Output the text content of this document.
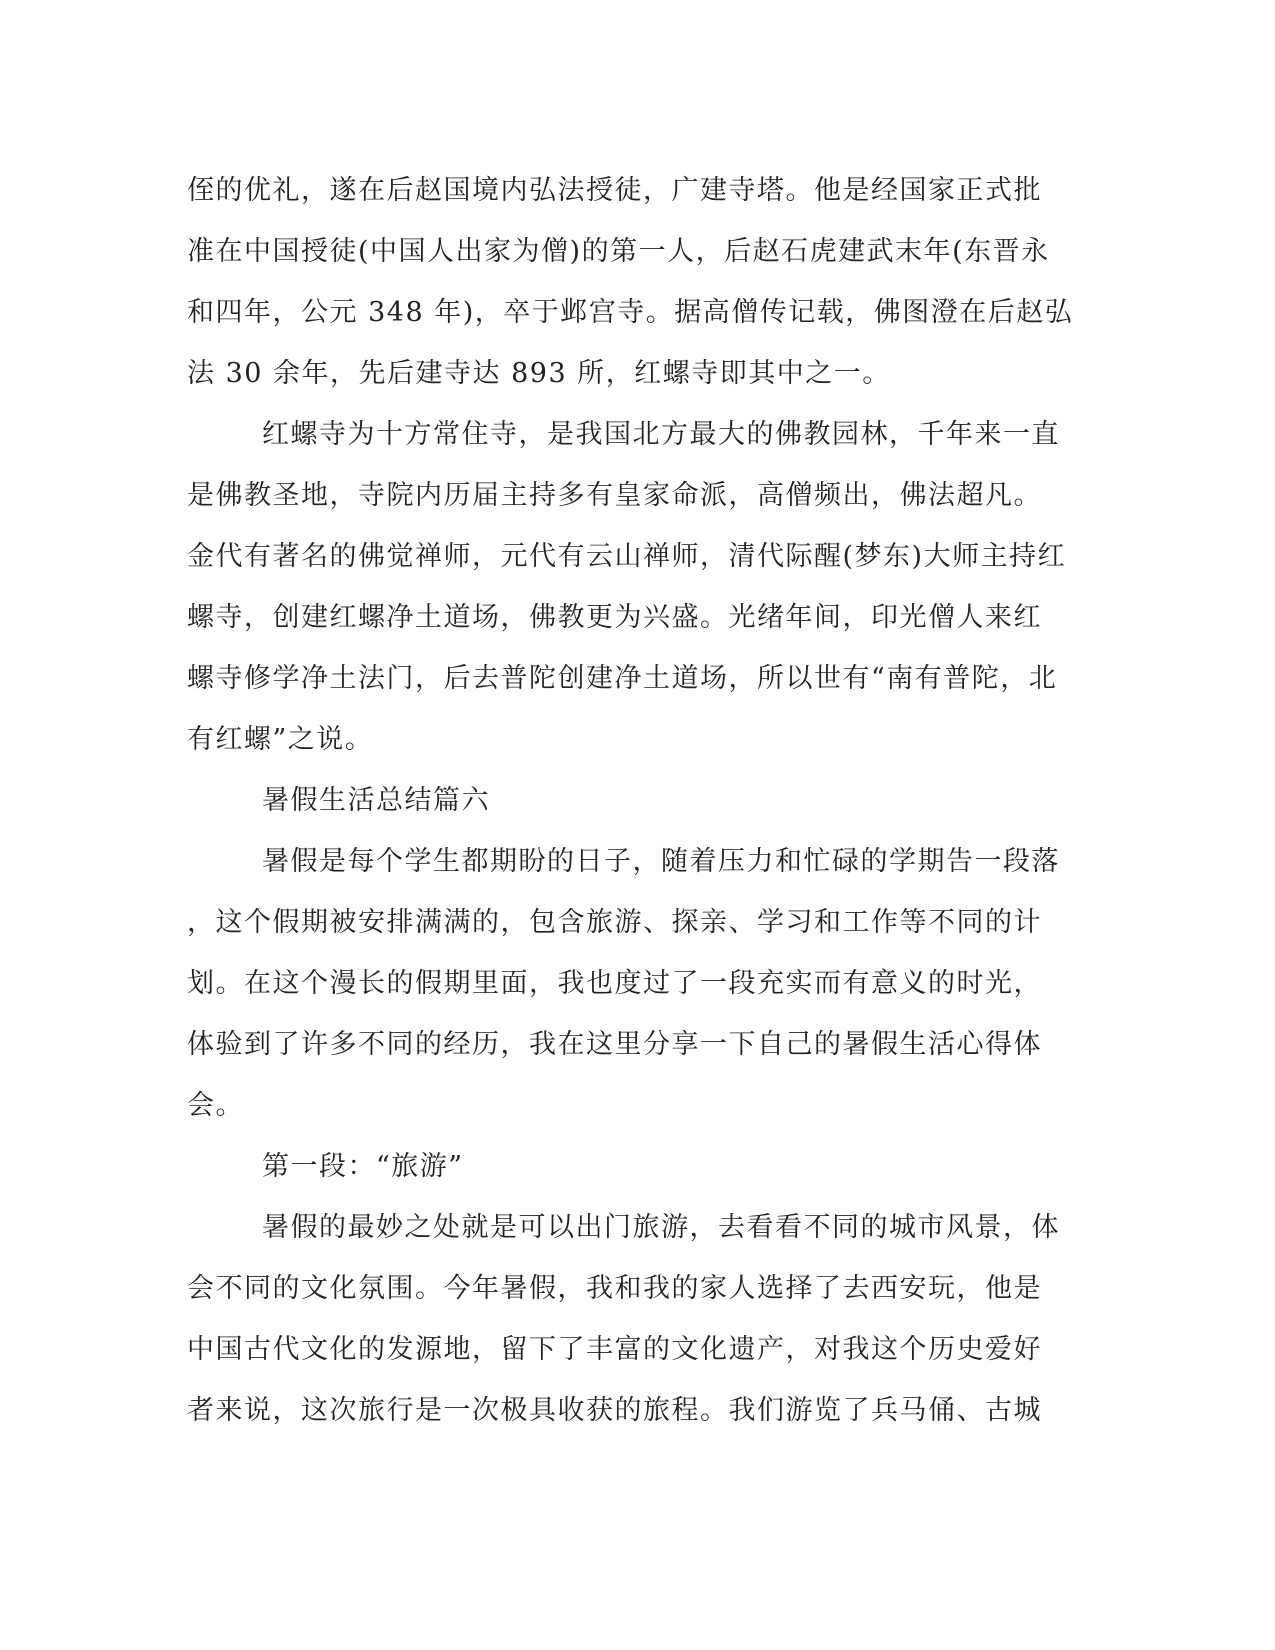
侄的优礼，遂在后赵国境内弘法授徒，广建寺塔。他是经国家正式批
准在中国授徒(中国人出家为僧)的第一人，后赵石虎建武末年(东晋永
和四年，公元 348 年)，卒于邺宫寺。据高僧传记载，佛图澄在后赵弘
法 30 余年，先后建寺达 893 所，红螺寺即其中之一。
红螺寺为十方常住寺，是我国北方最大的佛教园林，千年来一直
是佛教圣地，寺院内历届主持多有皇家命派，高僧频出，佛法超凡。
金代有著名的佛觉禅师，元代有云山禅师，清代际醒(梦东)大师主持红
螺寺，创建红螺净土道场，佛教更为兴盛。光绪年间，印光僧人来红
螺寺修学净土法门，后去普陀创建净土道场，所以世有“南有普陀，北
有红螺”之说。
暑假生活总结篇六
暑假是每个学生都期盼的日子，随着压力和忙碌的学期告一段落
，这个假期被安排满满的，包含旅游、探亲、学习和工作等不同的计
划。在这个漫长的假期里面，我也度过了一段充实而有意义的时光，
体验到了许多不同的经历，我在这里分享一下自己的暑假生活心得体
会。
第一段：“旅游”
暑假的最妙之处就是可以出门旅游，去看看不同的城市风景，体
会不同的文化氛围。今年暑假，我和我的家人选择了去西安玩，他是
中国古代文化的发源地，留下了丰富的文化遗产，对我这个历史爱好
者来说，这次旅行是一次极具收获的旅程。我们游览了兵马俑、古城
